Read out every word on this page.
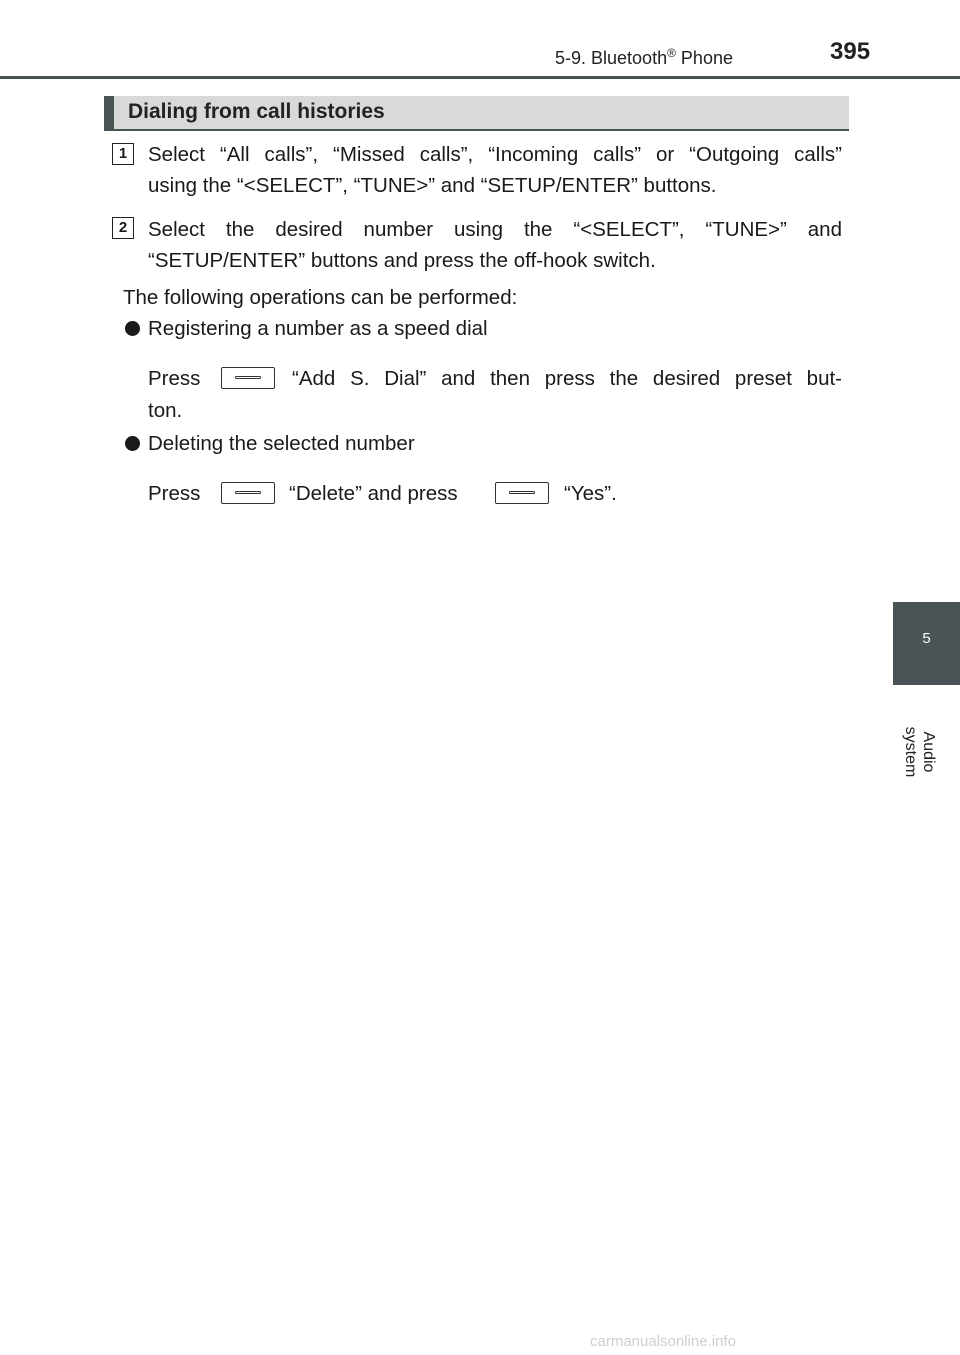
5-9. Bluetooth® Phone	395
Dialing from call histories
1	Select “All calls”, “Missed calls”, “Incoming calls” or “Outgoing calls”
using the “<SELECT”, “TUNE>” and “SETUP/ENTER” buttons.
2	Select the desired number using the “<SELECT”, “TUNE>” and
“SETUP/ENTER” buttons and press the off-hook switch.
The following operations can be performed:
Registering a number as a speed dial
Press	“Add S. Dial” and then press the desired preset but-
ton.
Deleting the selected number
Press	“Delete” and press	“Yes”.
5
Audio system
carmanualsonline.info
